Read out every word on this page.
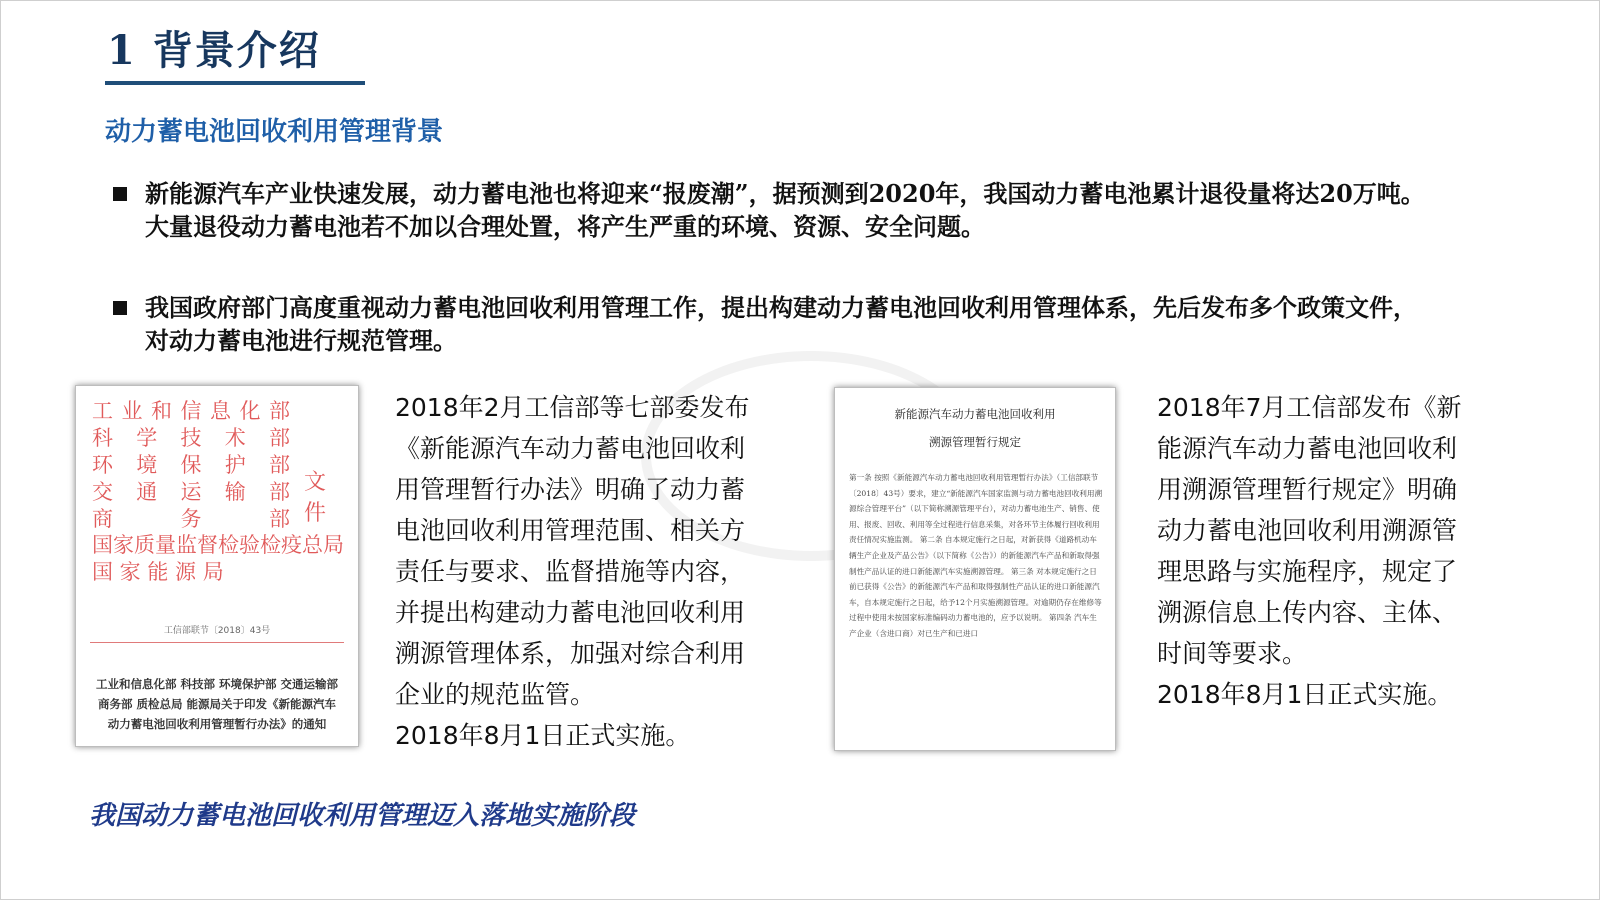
1 背景介绍
动力蓄电池回收利用管理背景
新能源汽车产业快速发展，动力蓄电池也将迎来“报废潮”，据预测到2020年，我国动力蓄电池累计退役量将达20万吨。大量退役动力蓄电池若不加以合理处置，将产生严重的环境、资源、安全问题。
我国政府部门高度重视动力蓄电池回收利用管理工作，提出构建动力蓄电池回收利用管理体系，先后发布多个政策文件，对动力蓄电池进行规范管理。
工 业 和 信 息 化 部
科 学 技 术 部
环 境 保 护 部
交 通 运 输 部
商	务	部
文件
国家质量监督检验检疫总局
国 家 能 源 局
工信部联节〔2018〕43号
工业和信息化部 科技部 环境保护部 交通运输部
商务部 质检总局 能源局关于印发《新能源汽车
动力蓄电池回收利用管理暂行办法》的通知
2018年2月工信部等七部委发布
《新能源汽车动力蓄电池回收利
用管理暂行办法》明确了动力蓄
电池回收利用管理范围、相关方
责任与要求、监督措施等内容，
并提出构建动力蓄电池回收利用
溯源管理体系，加强对综合利用
企业的规范监管。
2018年8月1日正式实施。
新能源汽车动力蓄电池回收利用
溯源管理暂行规定
第一条 按照《新能源汽车动力蓄电池回收利用管理暂行办法》（工信部联节〔2018〕43号）要求，建立“新能源汽车国家监测与动力蓄电池回收利用溯源综合管理平台”（以下简称溯源管理平台），对动力蓄电池生产、销售、使用、报废、回收、利用等全过程进行信息采集，对各环节主体履行回收利用责任情况实施监测。 第二条 自本规定施行之日起，对新获得《道路机动车辆生产企业及产品公告》（以下简称《公告》）的新能源汽车产品和新取得强制性产品认证的进口新能源汽车实施溯源管理。 第三条 对本规定施行之日前已获得《公告》的新能源汽车产品和取得强制性产品认证的进口新能源汽车，自本规定施行之日起，给予12个月实施溯源管理。对逾期仍存在维修等过程中使用未按国家标准编码动力蓄电池的，应予以说明。 第四条 汽车生产企业（含进口商）对已生产和已进口
2018年7月工信部发布《新
能源汽车动力蓄电池回收利
用溯源管理暂行规定》明确
动力蓄电池回收利用溯源管
理思路与实施程序，规定了
溯源信息上传内容、主体、
时间等要求。
2018年8月1日正式实施。
我国动力蓄电池回收利用管理迈入落地实施阶段
